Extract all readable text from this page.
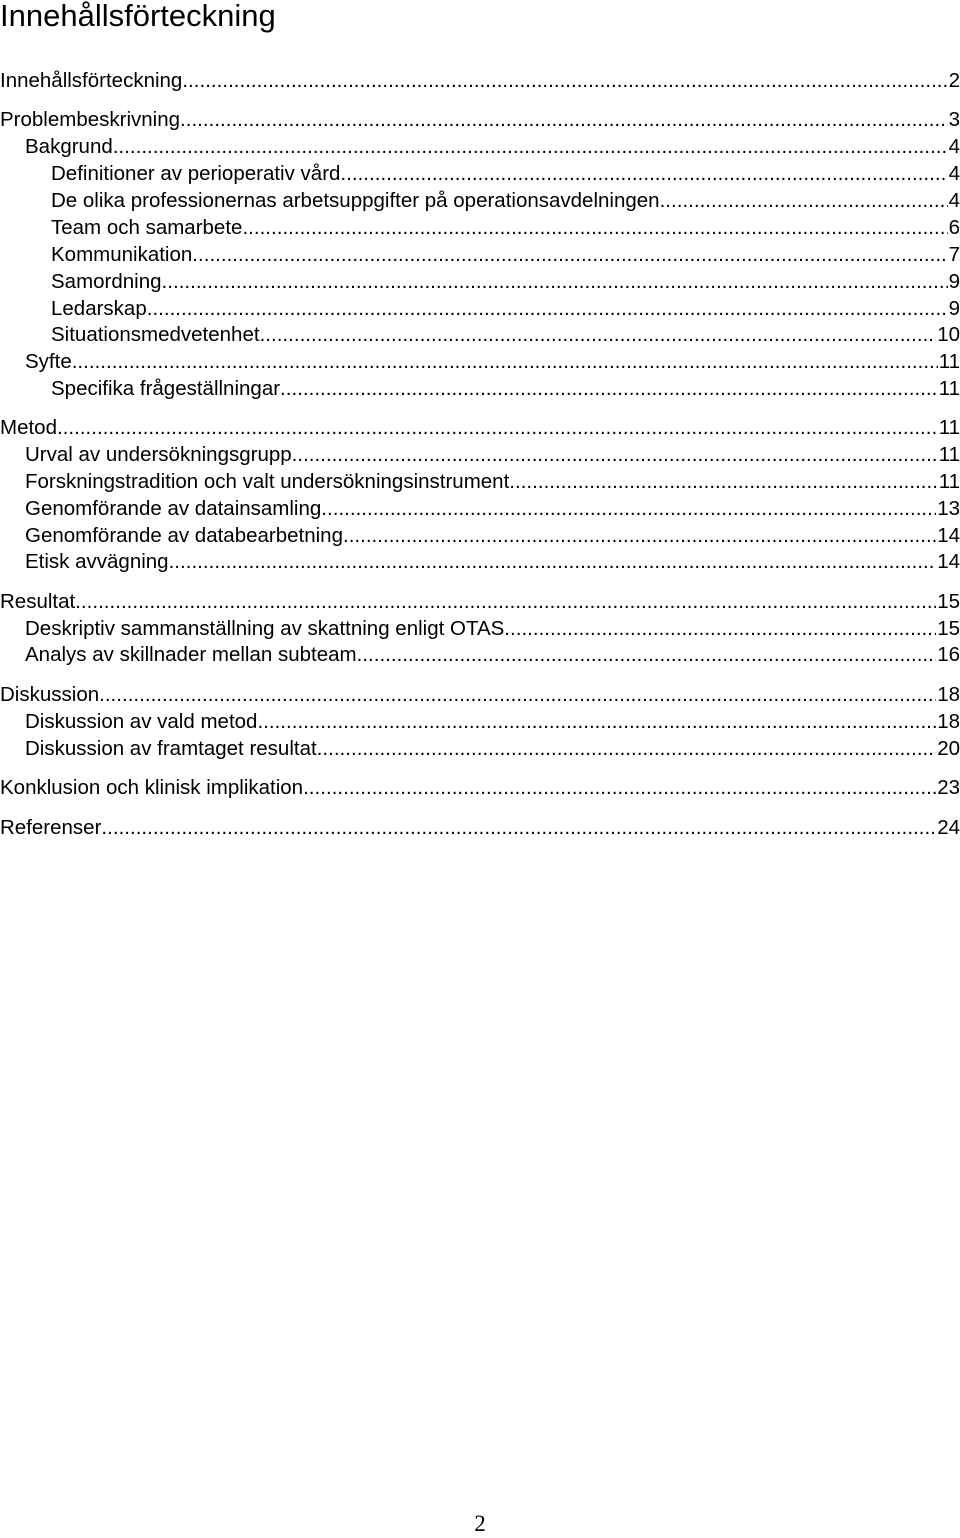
Innehållsförteckning
Innehållsförteckning .....	2
Problembeskrivning .....	3
Bakgrund .....	4
Definitioner av perioperativ vård .....	4
De olika professionernas arbetsuppgifter på operationsavdelningen .....	4
Team och samarbete .....	6
Kommunikation .....	7
Samordning .....	9
Ledarskap .....	9
Situationsmedvetenhet .....	10
Syfte .....	11
Specifika frågeställningar .....	11
Metod .....	11
Urval av undersökningsgrupp .....	11
Forskningstradition och valt undersökningsinstrument .....	11
Genomförande av datainsamling .....	13
Genomförande av databearbetning .....	14
Etisk avvägning .....	14
Resultat .....	15
Deskriptiv sammanställning av skattning enligt OTAS .....	15
Analys av skillnader mellan subteam .....	16
Diskussion .....	18
Diskussion av vald metod .....	18
Diskussion av framtaget resultat .....	20
Konklusion och klinisk implikation .....	23
Referenser .....	24
2
